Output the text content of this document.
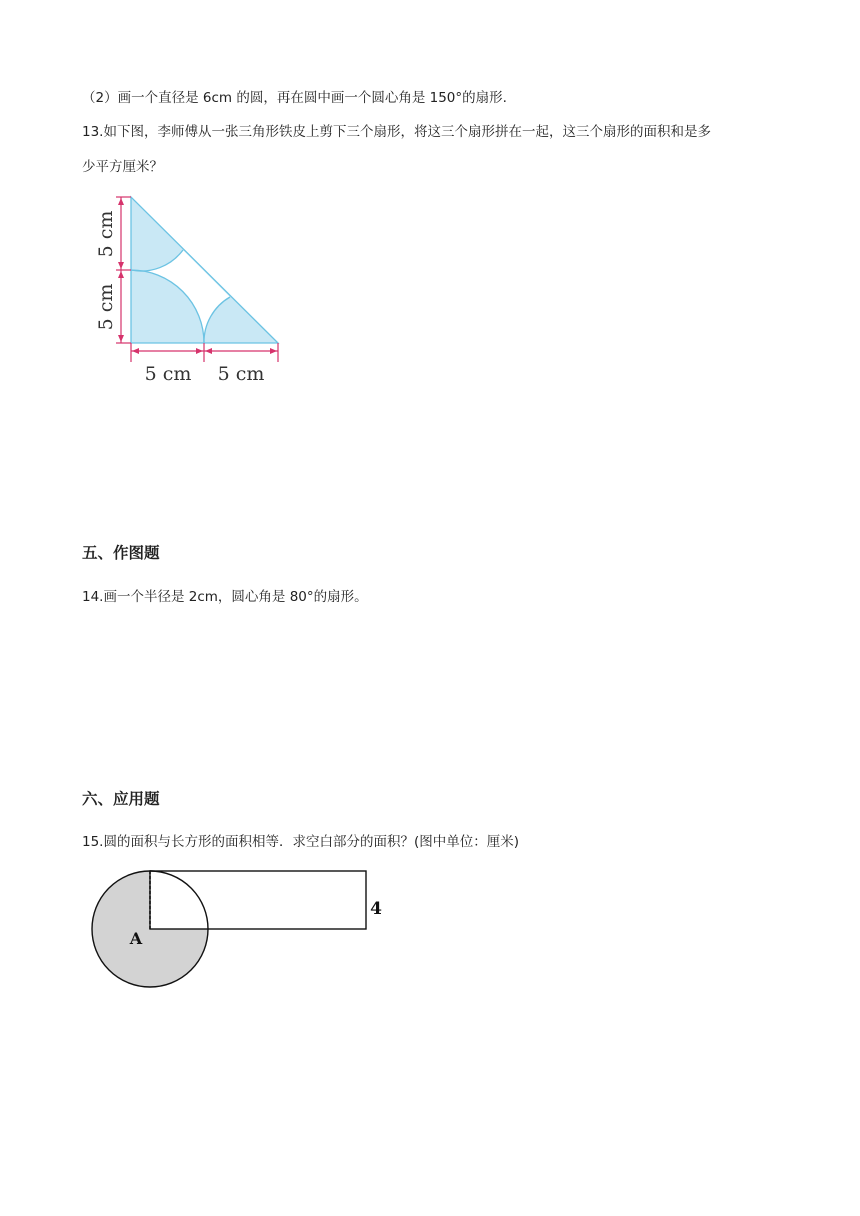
（2）画一个直径是 6cm 的圆，再在圆中画一个圆心角是 150°的扇形.
13.如下图，李师傅从一张三角形铁皮上剪下三个扇形，将这三个扇形拼在一起，这三个扇形的面积和是多
少平方厘米？
5 cm
5 cm
5 cm 5 cm
五、作图题
14.画一个半径是 2cm，圆心角是 80°的扇形。
六、应用题
15.圆的面积与长方形的面积相等．求空白部分的面积？(图中单位：厘米)
A
4
